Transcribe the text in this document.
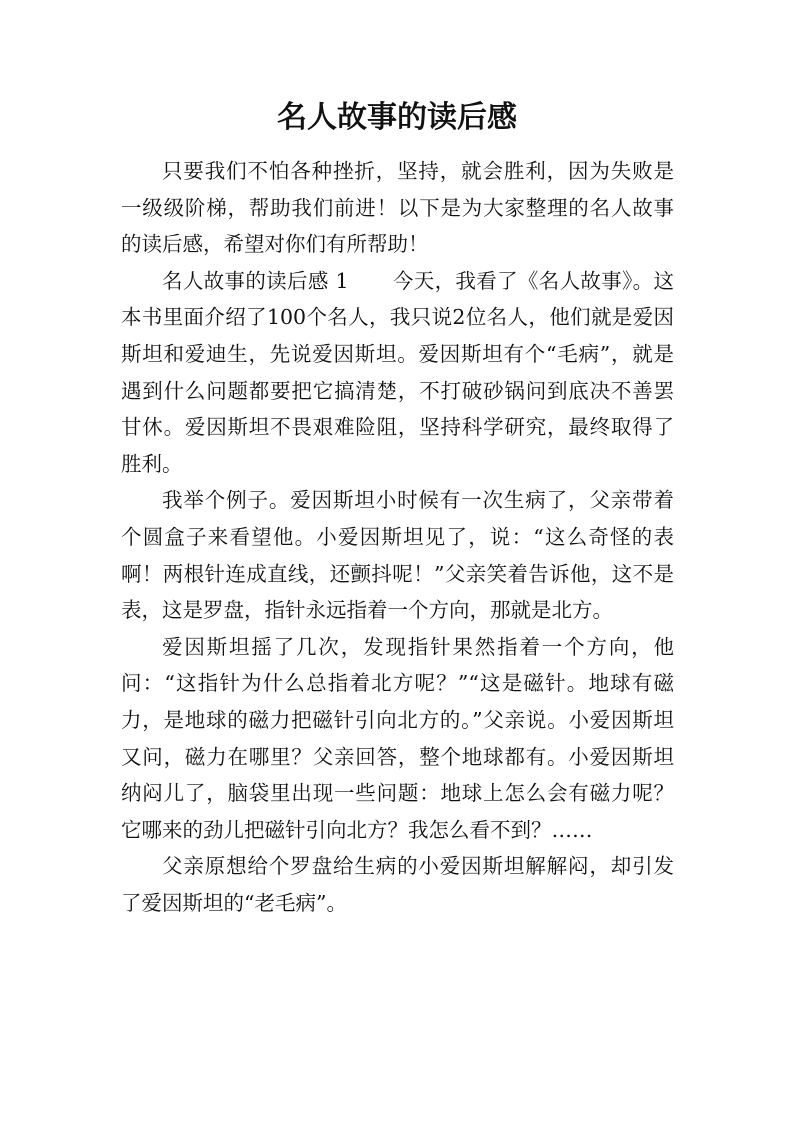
名人故事的读后感

只要我们不怕各种挫折，坚持，就会胜利，因为失败是一级级阶梯，帮助我们前进！以下是为大家整理的名人故事的读后感，希望对你们有所帮助！

名人故事的读后感 1 今天，我看了《名人故事》。这本书里面介绍了100个名人，我只说2位名人，他们就是爱因斯坦和爱迪生，先说爱因斯坦。爱因斯坦有个“毛病”，就是遇到什么问题都要把它搞清楚，不打破砂锅问到底决不善罢甘休。爱因斯坦不畏艰难险阻，坚持科学研究，最终取得了胜利。

我举个例子。爱因斯坦小时候有一次生病了，父亲带着个圆盒子来看望他。小爱因斯坦见了，说：“这么奇怪的表啊！两根针连成直线，还颤抖呢！”父亲笑着告诉他，这不是表，这是罗盘，指针永远指着一个方向，那就是北方。

爱因斯坦摇了几次，发现指针果然指着一个方向，他问：“这指针为什么总指着北方呢？”“这是磁针。地球有磁力，是地球的磁力把磁针引向北方的。”父亲说。小爱因斯坦又问，磁力在哪里？父亲回答，整个地球都有。小爱因斯坦纳闷儿了，脑袋里出现一些问题：地球上怎么会有磁力呢？它哪来的劲儿把磁针引向北方？我怎么看不到？……

父亲原想给个罗盘给生病的小爱因斯坦解解闷，却引发了爱因斯坦的“老毛病”。
